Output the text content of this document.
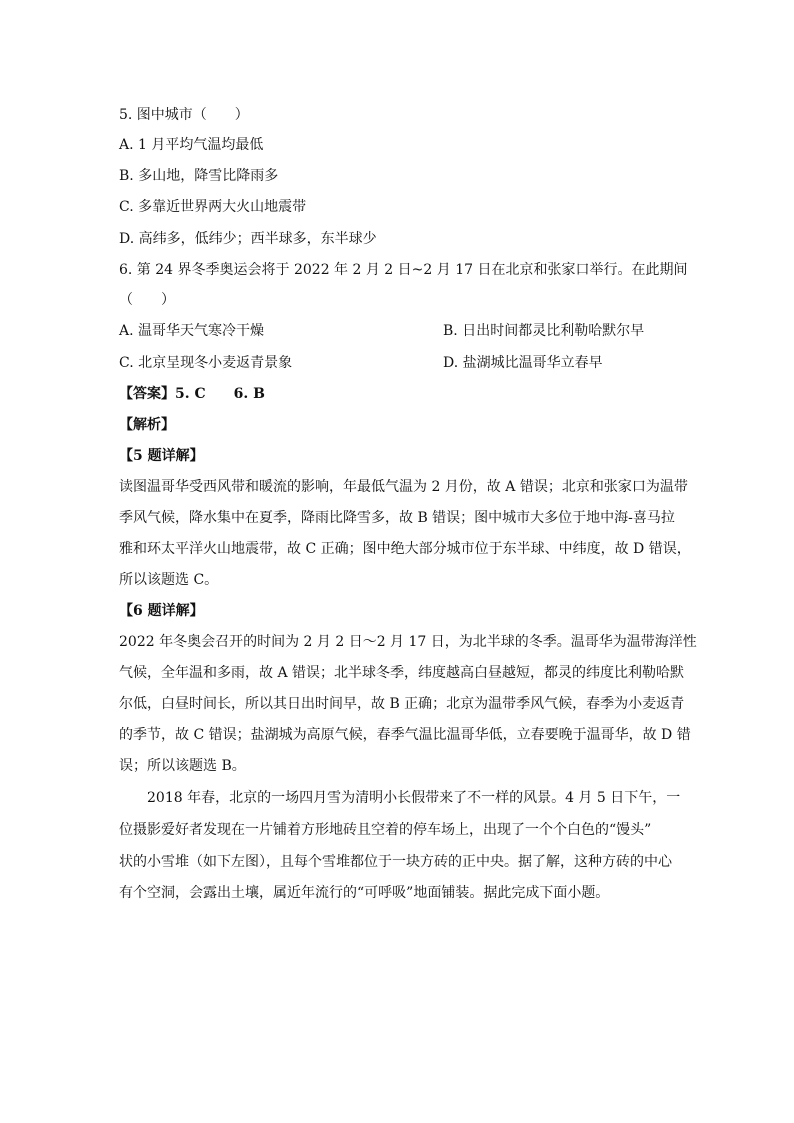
5. 图中城市（　　）
A. 1 月平均气温均最低
B. 多山地，降雪比降雨多
C. 多靠近世界两大火山地震带
D. 高纬多，低纬少；西半球多，东半球少
6. 第 24 界冬季奥运会将于 2022 年 2 月 2 日~2 月 17 日在北京和张家口举行。在此期间
（　　）
A. 温哥华天气寒冷干燥	B. 日出时间都灵比利勒哈默尔早
C. 北京呈现冬小麦返青景象	D. 盐湖城比温哥华立春早
【答案】5. C　　6. B
【解析】
【5 题详解】
读图温哥华受西风带和暖流的影响，年最低气温为 2 月份，故 A 错误；北京和张家口为温带
季风气候，降水集中在夏季，降雨比降雪多，故 B 错误；图中城市大多位于地中海-喜马拉
雅和环太平洋火山地震带，故 C 正确；图中绝大部分城市位于东半球、中纬度，故 D 错误，
所以该题选 C。
【6 题详解】
2022 年冬奥会召开的时间为 2 月 2 日～2 月 17 日，为北半球的冬季。温哥华为温带海洋性
气候，全年温和多雨，故 A 错误；北半球冬季，纬度越高白昼越短，都灵的纬度比利勒哈默
尔低，白昼时间长，所以其日出时间早，故 B 正确；北京为温带季风气候，春季为小麦返青
的季节，故 C 错误；盐湖城为高原气候，春季气温比温哥华低，立春要晚于温哥华，故 D 错
误；所以该题选 B。
2018 年春，北京的一场四月雪为清明小长假带来了不一样的风景。4 月 5 日下午，一
位摄影爱好者发现在一片铺着方形地砖且空着的停车场上，出现了一个个白色的“馒头”
状的小雪堆（如下左图），且每个雪堆都位于一块方砖的正中央。据了解，这种方砖的中心
有个空洞，会露出土壤，属近年流行的“可呼吸”地面铺装。据此完成下面小题。
